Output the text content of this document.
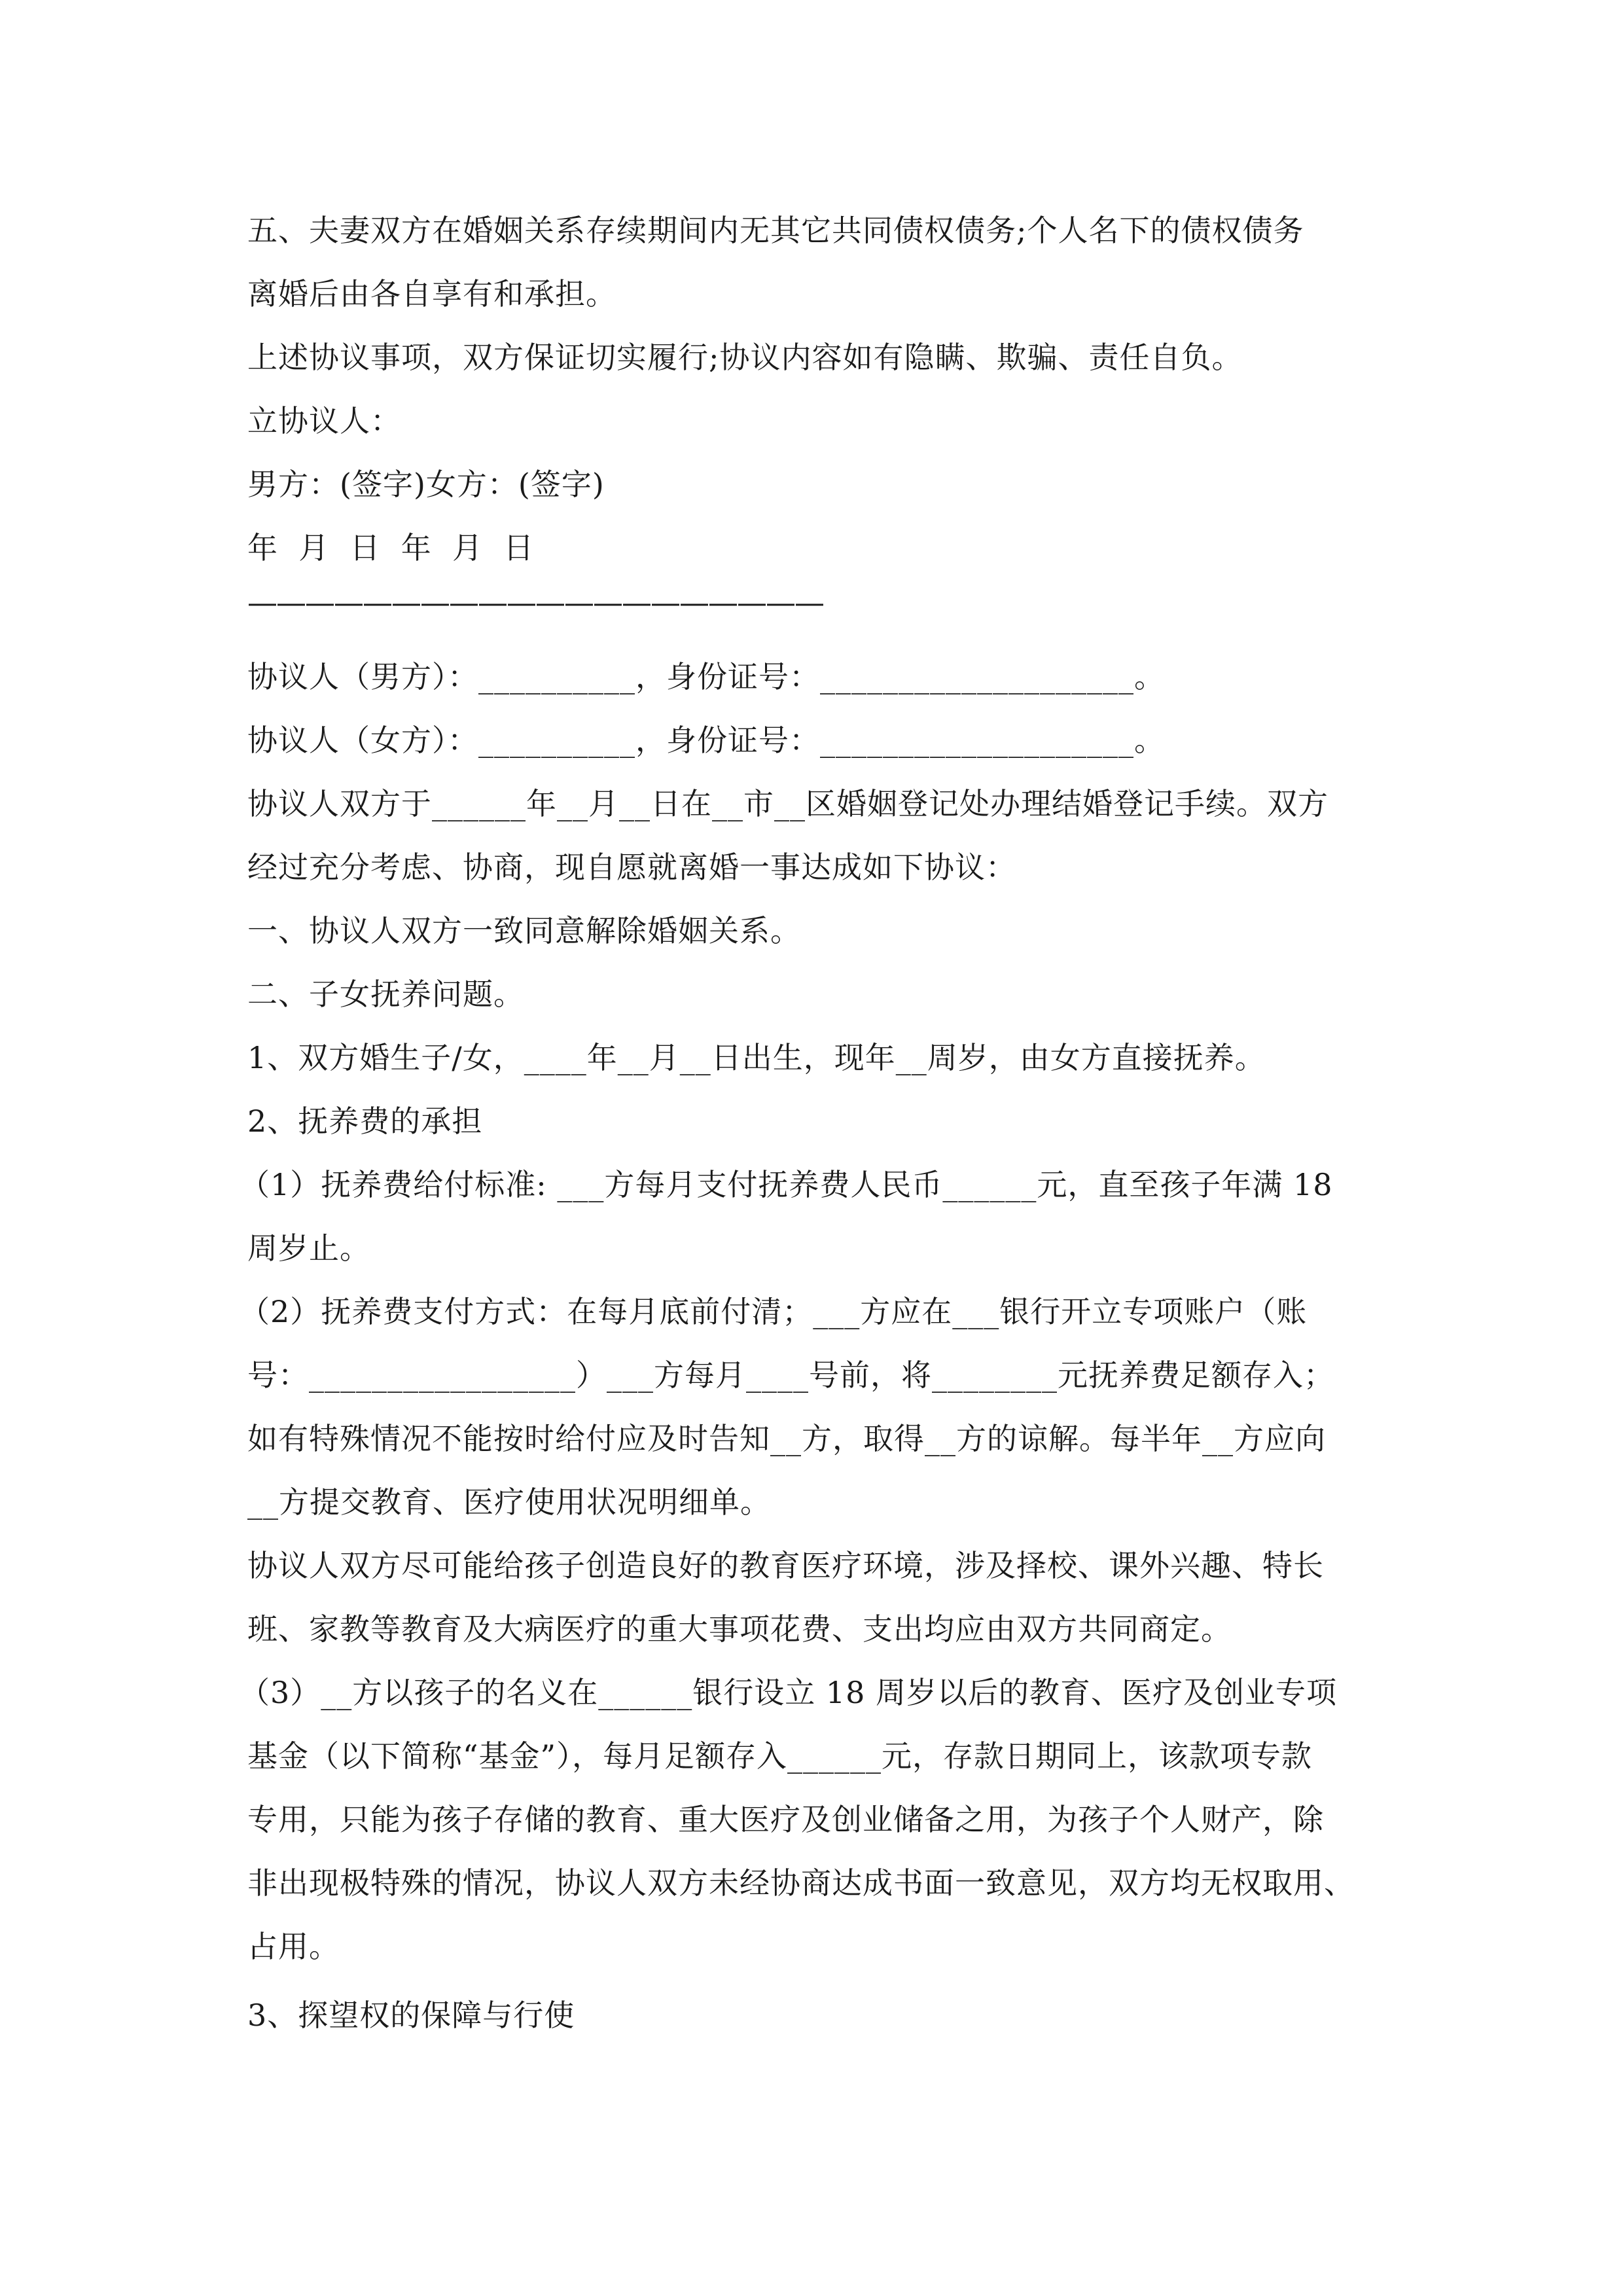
五、夫妻双方在婚姻关系存续期间内无其它共同债权债务;个人名下的债权债务
离婚后由各自享有和承担。
上述协议事项，双方保证切实履行;协议内容如有隐瞒、欺骗、责任自负。
立协议人：
男方：(签字)女方：(签字)
年  月  日  年  月  日
————————————————————
协议人（男方）：__________，身份证号：____________________。
协议人（女方）：__________，身份证号：____________________。
协议人双方于______年__月__日在__市__区婚姻登记处办理结婚登记手续。双方
经过充分考虑、协商，现自愿就离婚一事达成如下协议：
一、协议人双方一致同意解除婚姻关系。
二、子女抚养问题。
1、双方婚生子/女，____年__月__日出生，现年__周岁，由女方直接抚养。
2、抚养费的承担
（1）抚养费给付标准: ___方每月支付抚养费人民币______元，直至孩子年满 18
周岁止。
（2）抚养费支付方式：在每月底前付清；___方应在___银行开立专项账户（账
号：_________________）___方每月____号前，将________元抚养费足额存入；
如有特殊情况不能按时给付应及时告知__方，取得__方的谅解。每半年__方应向
__方提交教育、医疗使用状况明细单。
协议人双方尽可能给孩子创造良好的教育医疗环境，涉及择校、课外兴趣、特长
班、家教等教育及大病医疗的重大事项花费、支出均应由双方共同商定。
（3）__方以孩子的名义在______银行设立 18 周岁以后的教育、医疗及创业专项
基金（以下简称“基金”），每月足额存入______元，存款日期同上，该款项专款
专用，只能为孩子存储的教育、重大医疗及创业储备之用，为孩子个人财产，除
非出现极特殊的情况，协议人双方未经协商达成书面一致意见，双方均无权取用、
占用。
3、探望权的保障与行使
